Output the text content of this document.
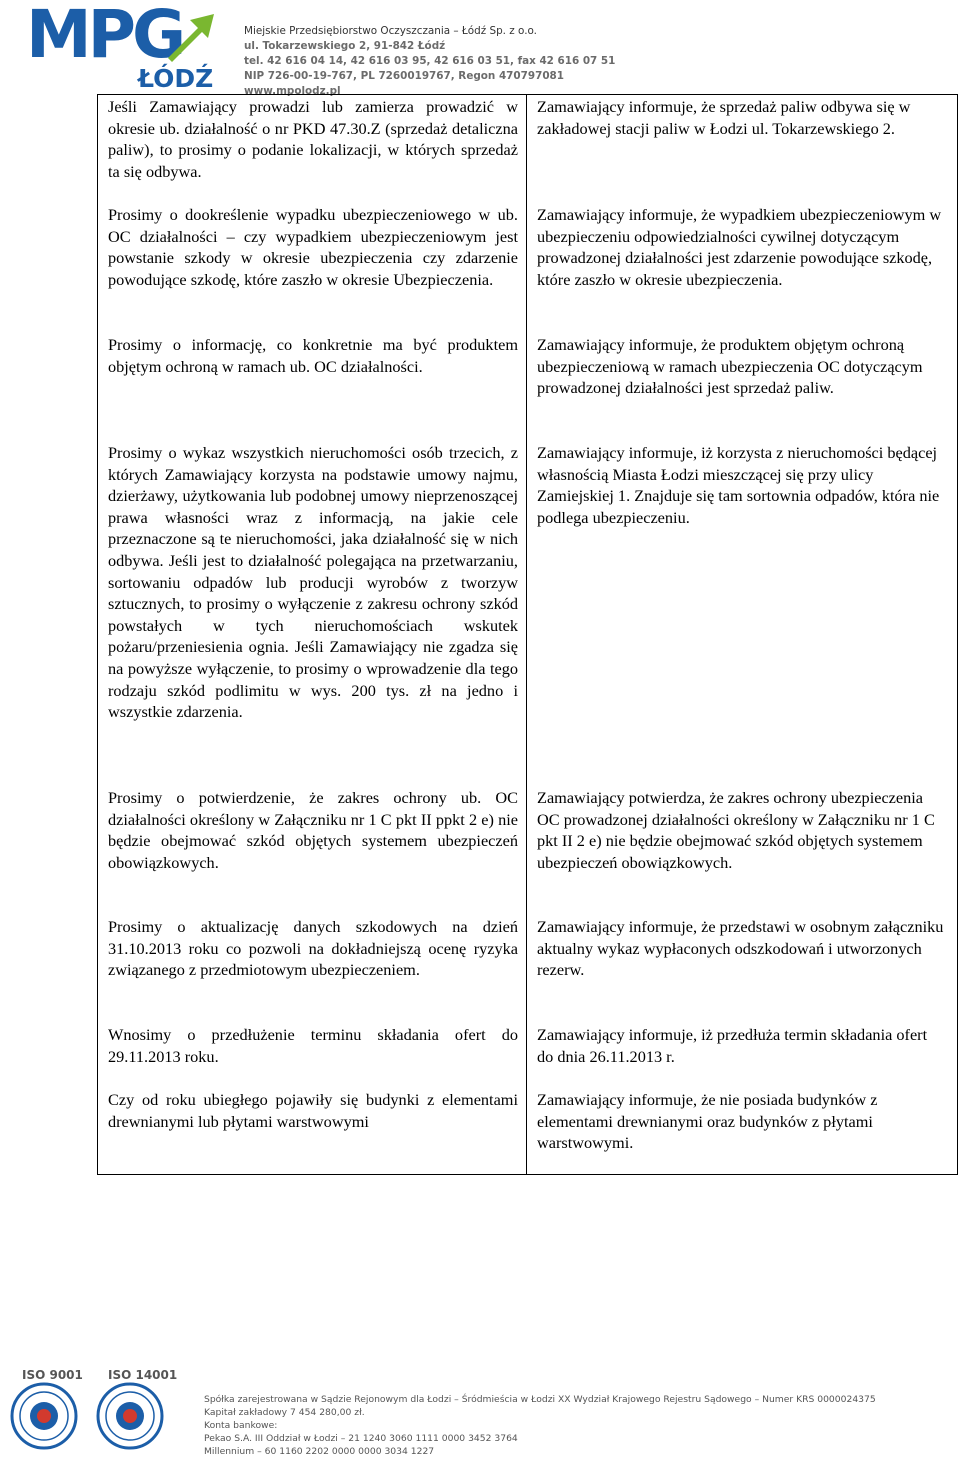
MPG
ŁÓDŹ
Miejskie Przedsiębiorstwo Oczyszczania – Łódź Sp. z o.o.
ul. Tokarzewskiego 2, 91-842 Łódź
tel. 42 616 04 14, 42 616 03 95, 42 616 03 51, fax 42 616 07 51
NIP 726-00-19-767, PL 7260019767, Regon 470797081
www.mpolodz.pl
Jeśli Zamawiający prowadzi lub zamierza prowadzić w okresie ub. działalność o nr PKD 47.30.Z (sprzedaż detaliczna paliw), to prosimy o podanie lokalizacji, w których sprzedaż ta się odbywa.
Zamawiający informuje, że sprzedaż paliw odbywa się w zakładowej stacji paliw w Łodzi ul. Tokarzewskiego 2.
Prosimy o dookreślenie wypadku ubezpieczeniowego w ub. OC działalności – czy wypadkiem ubezpieczeniowym jest powstanie szkody w okresie ubezpieczenia czy zdarzenie powodujące szkodę, które zaszło w okresie Ubezpieczenia.
Zamawiający informuje, że wypadkiem ubezpieczeniowym w ubezpieczeniu odpowiedzialności cywilnej dotyczącym prowadzonej działalności jest zdarzenie powodujące szkodę, które zaszło w okresie ubezpieczenia.
Prosimy o informację, co konkretnie ma być produktem objętym ochroną w ramach ub. OC działalności.
Zamawiający informuje, że produktem objętym ochroną ubezpieczeniową w ramach ubezpieczenia OC dotyczącym prowadzonej działalności jest sprzedaż paliw.
Prosimy o wykaz wszystkich nieruchomości osób trzecich, z których Zamawiający korzysta na podstawie umowy najmu, dzierżawy, użytkowania lub podobnej umowy nieprzenoszącej prawa własności wraz z informacją, na jakie cele przeznaczone są te nieruchomości, jaka działalność się w nich odbywa. Jeśli jest to działalność polegająca na przetwarzaniu, sortowaniu odpadów lub producji wyrobów z tworzyw sztucznych, to prosimy o wyłączenie z zakresu ochrony szkód powstałych w tych nieruchomościach wskutek pożaru/przeniesienia ognia. Jeśli Zamawiający nie zgadza się na powyższe wyłączenie, to prosimy o wprowadzenie dla tego rodzaju szkód podlimitu w wys. 200 tys. zł na jedno i wszystkie zdarzenia.
Zamawiający informuje, iż korzysta z nieruchomości będącej własnością Miasta Łodzi mieszczącej się przy ulicy Zamiejskiej 1. Znajduje się tam sortownia odpadów, która nie podlega ubezpieczeniu.
Prosimy o potwierdzenie, że zakres ochrony ub. OC działalności określony w Załączniku nr 1 C pkt II ppkt 2 e) nie będzie obejmować szkód objętych systemem ubezpieczeń obowiązkowych.
Zamawiający potwierdza, że zakres ochrony ubezpieczenia OC prowadzonej działalności określony w Załączniku nr 1 C pkt II 2 e) nie będzie obejmować szkód objętych systemem ubezpieczeń obowiązkowych.
Prosimy o aktualizację danych szkodowych na dzień 31.10.2013 roku co pozwoli na dokładniejszą ocenę ryzyka związanego z przedmiotowym ubezpieczeniem.
Zamawiający informuje, że przedstawi w osobnym załączniku aktualny wykaz wypłaconych odszkodowań i utworzonych rezerw.
Wnosimy o przedłużenie terminu składania ofert do 29.11.2013 roku.
Zamawiający informuje, iż przedłuża termin składania ofert do dnia 26.11.2013 r.
Czy od roku ubiegłego pojawiły się budynki z elementami drewnianymi lub płytami warstwowymi
Zamawiający informuje, że nie posiada budynków z elementami drewnianymi oraz budynków z płytami warstwowymi.
ISO 9001 ISO 14001
Spółka zarejestrowana w Sądzie Rejonowym dla Łodzi – Śródmieścia w Łodzi XX Wydział Krajowego Rejestru Sądowego – Numer KRS 0000024375
Kapitał zakładowy 7 454 280,00 zł.
Konta bankowe:
Pekao S.A. III Oddział w Łodzi – 21 1240 3060 1111 0000 3452 3764
Millennium – 60 1160 2202 0000 0000 3034 1227
